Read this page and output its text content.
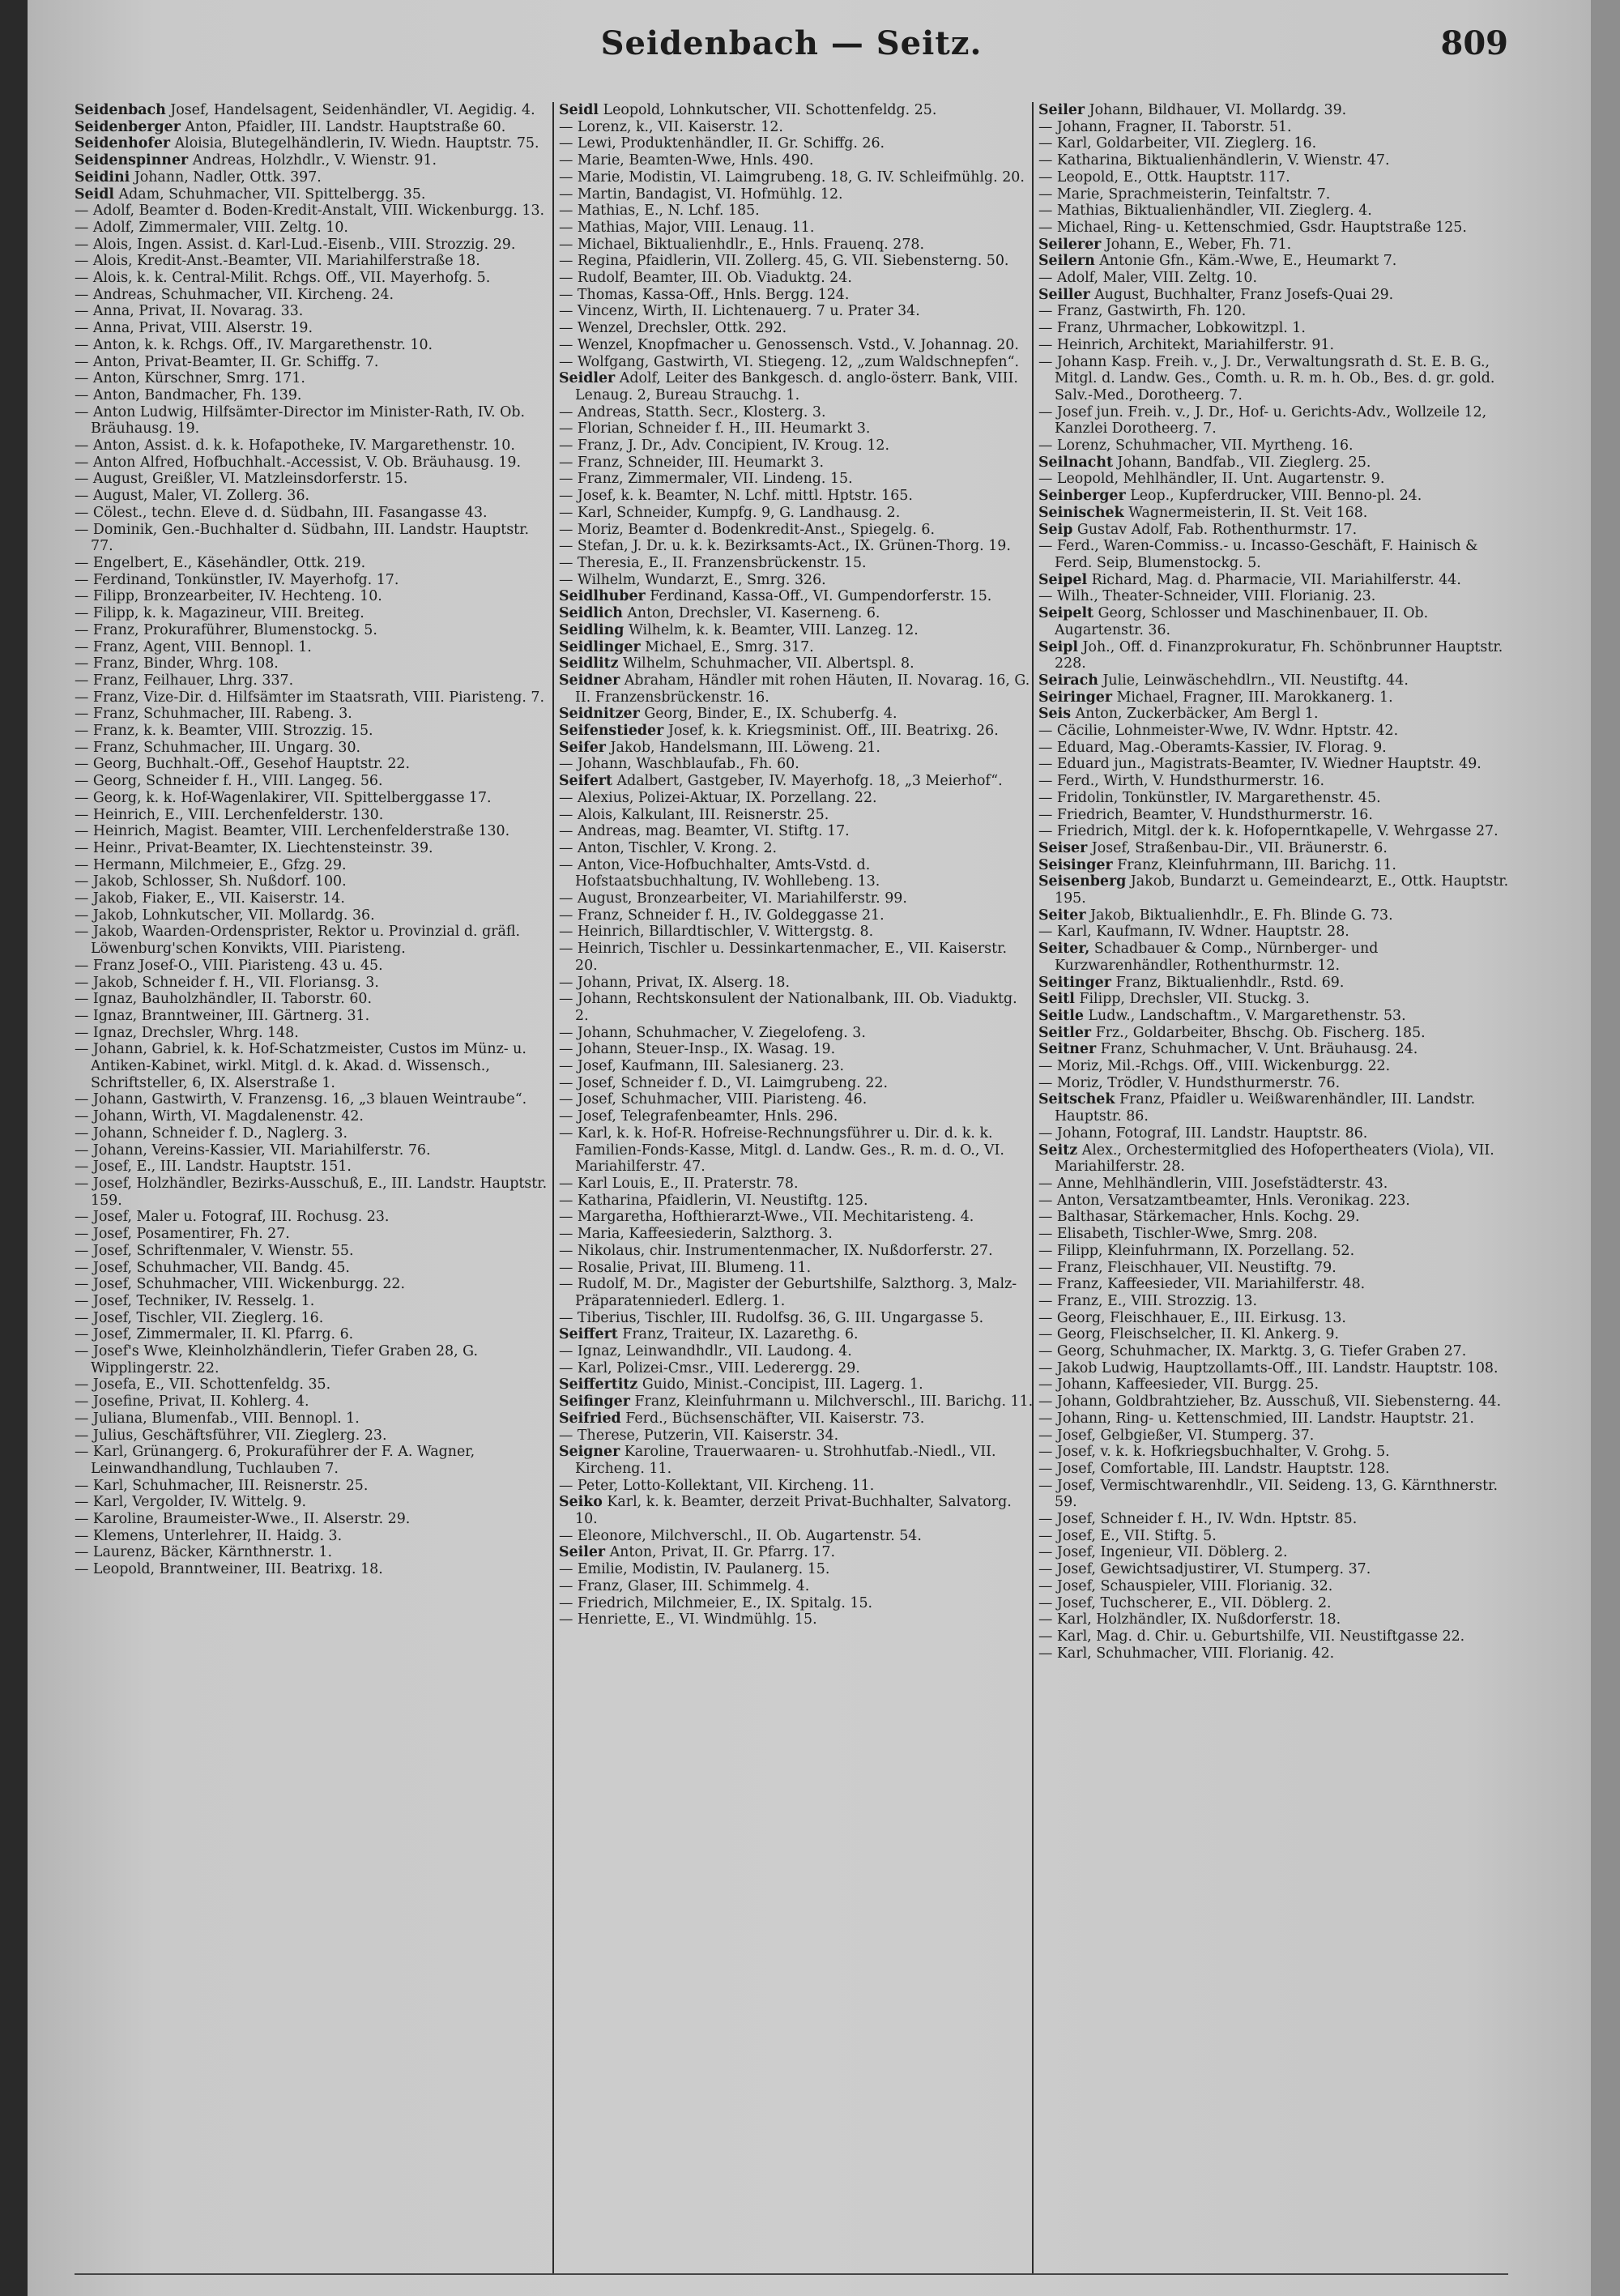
Seidenbach — Seitz.	809
Seidenbach Josef, Handelsagent, Seidenhändler, VI. Aegidig. 4.
Seidenberger Anton, Pfaidler, III. Landstr. Hauptstraße 60.
Seidenhofer Aloisia, Blutegelhändlerin, IV. Wiedn. Hauptstr. 75.
Seidenspinner Andreas, Holzhdlr., V. Wienstr. 91.
Seidini Johann, Nadler, Ottk. 397.
Seidl Adam, Schuhmacher, VII. Spittelbergg. 35.
— Adolf, Beamter d. Boden-Kredit-Anstalt, VIII. Wickenburgg. 13.
— Adolf, Zimmermaler, VIII. Zeltg. 10.
— Alois, Ingen. Assist. d. Karl-Lud.-Eisenb., VIII. Strozzig. 29.
— Alois, Kredit-Anst.-Beamter, VII. Mariahilferstraße 18.
— Alois, k. k. Central-Milit. Rchgs. Off., VII. Mayerhofg. 5.
— Andreas, Schuhmacher, VII. Kircheng. 24.
— Anna, Privat, II. Novarag. 33.
— Anna, Privat, VIII. Alserstr. 19.
— Anton, k. k. Rchgs. Off., IV. Margarethenstr. 10.
— Anton, Privat-Beamter, II. Gr. Schiffg. 7.
— Anton, Kürschner, Smrg. 171.
— Anton, Bandmacher, Fh. 139.
— Anton Ludwig, Hilfsämter-Director im Minister-Rath, IV. Ob. Bräuhausg. 19.
— Anton, Assist. d. k. k. Hofapotheke, IV. Margarethenstr. 10.
— Anton Alfred, Hofbuchhalt.-Accessist, V. Ob. Bräuhausg. 19.
— August, Greißler, VI. Matzleinsdorferstr. 15.
— August, Maler, VI. Zollerg. 36.
— Cölest., techn. Eleve d. d. Südbahn, III. Fasangasse 43.
— Dominik, Gen.-Buchhalter d. Südbahn, III. Landstr. Hauptstr. 77.
— Engelbert, E., Käsehändler, Ottk. 219.
— Ferdinand, Tonkünstler, IV. Mayerhofg. 17.
— Filipp, Bronzearbeiter, IV. Hechteng. 10.
— Filipp, k. k. Magazineur, VIII. Breiteg.
— Franz, Prokuraführer, Blumenstockg. 5.
— Franz, Agent, VIII. Bennopl. 1.
— Franz, Binder, Whrg. 108.
— Franz, Feilhauer, Lhrg. 337.
— Franz, Vize-Dir. d. Hilfsämter im Staatsrath, VIII. Piaristeng. 7.
— Franz, Schuhmacher, III. Rabeng. 3.
— Franz, k. k. Beamter, VIII. Strozzig. 15.
— Franz, Schuhmacher, III. Ungarg. 30.
— Georg, Buchhalt.-Off., Gesehof Hauptstr. 22.
— Georg, Schneider f. H., VIII. Langeg. 56.
— Georg, k. k. Hof-Wagenlakirer, VII. Spittelberggasse 17.
— Heinrich, E., VIII. Lerchenfelderstr. 130.
— Heinrich, Magist. Beamter, VIII. Lerchenfelderstraße 130.
— Heinr., Privat-Beamter, IX. Liechtensteinstr. 39.
— Hermann, Milchmeier, E., Gfzg. 29.
— Jakob, Schlosser, Sh. Nußdorf. 100.
— Jakob, Fiaker, E., VII. Kaiserstr. 14.
— Jakob, Lohnkutscher, VII. Mollardg. 36.
— Jakob, Waarden-Ordensprister, Rektor u. Provinzial d. gräfl. Löwenburg'schen Konvikts, VIII. Piaristeng.
— Franz Josef-O., VIII. Piaristeng. 43 u. 45.
— Jakob, Schneider f. H., VII. Floriansg. 3.
— Ignaz, Bauholzhändler, II. Taborstr. 60.
— Ignaz, Branntweiner, III. Gärtnerg. 31.
— Ignaz, Drechsler, Whrg. 148.
— Johann, Gabriel, k. k. Hof-Schatzmeister, Custos im Münz- u. Antiken-Kabinet, wirkl. Mitgl. d. k. Akad. d. Wissensch., Schriftsteller, 6, IX. Alserstraße 1.
— Johann, Gastwirth, V. Franzensg. 16, „3 blauen Weintraube“.
— Johann, Wirth, VI. Magdalenenstr. 42.
— Johann, Schneider f. D., Naglerg. 3.
— Johann, Vereins-Kassier, VII. Mariahilferstr. 76.
— Josef, E., III. Landstr. Hauptstr. 151.
— Josef, Holzhändler, Bezirks-Ausschuß, E., III. Landstr. Hauptstr. 159.
— Josef, Maler u. Fotograf, III. Rochusg. 23.
— Josef, Posamentirer, Fh. 27.
— Josef, Schriftenmaler, V. Wienstr. 55.
— Josef, Schuhmacher, VII. Bandg. 45.
— Josef, Schuhmacher, VIII. Wickenburgg. 22.
— Josef, Techniker, IV. Resselg. 1.
— Josef, Tischler, VII. Zieglerg. 16.
— Josef, Zimmermaler, II. Kl. Pfarrg. 6.
— Josef's Wwe, Kleinholzhändlerin, Tiefer Graben 28, G. Wipplingerstr. 22.
— Josefa, E., VII. Schottenfeldg. 35.
— Josefine, Privat, II. Kohlerg. 4.
— Juliana, Blumenfab., VIII. Bennopl. 1.
— Julius, Geschäftsführer, VII. Zieglerg. 23.
— Karl, Grünangerg. 6, Prokuraführer der F. A. Wagner, Leinwandhandlung, Tuchlauben 7.
— Karl, Schuhmacher, III. Reisnerstr. 25.
— Karl, Vergolder, IV. Wittelg. 9.
— Karoline, Braumeister-Wwe., II. Alserstr. 29.
— Klemens, Unterlehrer, II. Haidg. 3.
— Laurenz, Bäcker, Kärnthnerstr. 1.
— Leopold, Branntweiner, III. Beatrixg. 18.
Seidl Leopold, Lohnkutscher, VII. Schottenfeldg. 25.
— Lorenz, k., VII. Kaiserstr. 12.
— Lewi, Produktenhändler, II. Gr. Schiffg. 26.
— Marie, Beamten-Wwe, Hnls. 490.
— Marie, Modistin, VI. Laimgrubeng. 18, G. IV. Schleifmühlg. 20.
— Martin, Bandagist, VI. Hofmühlg. 12.
— Mathias, E., N. Lchf. 185.
— Mathias, Major, VIII. Lenaug. 11.
— Michael, Biktualienhdlr., E., Hnls. Frauenq. 278.
— Regina, Pfaidlerin, VII. Zollerg. 45, G. VII. Siebensterng. 50.
— Rudolf, Beamter, III. Ob. Viaduktg. 24.
— Thomas, Kassa-Off., Hnls. Bergg. 124.
— Vincenz, Wirth, II. Lichtenauerg. 7 u. Prater 34.
— Wenzel, Drechsler, Ottk. 292.
— Wenzel, Knopfmacher u. Genossensch. Vstd., V. Johannag. 20.
— Wolfgang, Gastwirth, VI. Stiegeng. 12, „zum Waldschnepfen“.
Seidler Adolf, Leiter des Bankgesch. d. anglo-österr. Bank, VIII. Lenaug. 2, Bureau Strauchg. 1.
— Andreas, Statth. Secr., Klosterg. 3.
— Florian, Schneider f. H., III. Heumarkt 3.
— Franz, J. Dr., Adv. Concipient, IV. Kroug. 12.
— Franz, Schneider, III. Heumarkt 3.
— Franz, Zimmermaler, VII. Lindeng. 15.
— Josef, k. k. Beamter, N. Lchf. mittl. Hptstr. 165.
— Karl, Schneider, Kumpfg. 9, G. Landhausg. 2.
— Moriz, Beamter d. Bodenkredit-Anst., Spiegelg. 6.
— Stefan, J. Dr. u. k. k. Bezirksamts-Act., IX. Grünen-Thorg. 19.
— Theresia, E., II. Franzensbrückenstr. 15.
— Wilhelm, Wundarzt, E., Smrg. 326.
Seidlhuber Ferdinand, Kassa-Off., VI. Gumpendorferstr. 15.
Seidlich Anton, Drechsler, VI. Kaserneng. 6.
Seidling Wilhelm, k. k. Beamter, VIII. Lanzeg. 12.
Seidlinger Michael, E., Smrg. 317.
Seidlitz Wilhelm, Schuhmacher, VII. Albertspl. 8.
Seidner Abraham, Händler mit rohen Häuten, II. Novarag. 16, G. II. Franzensbrückenstr. 16.
Seidnitzer Georg, Binder, E., IX. Schuberfg. 4.
Seifenstieder Josef, k. k. Kriegsminist. Off., III. Beatrixg. 26.
Seifer Jakob, Handelsmann, III. Löweng. 21.
— Johann, Waschblaufab., Fh. 60.
Seifert Adalbert, Gastgeber, IV. Mayerhofg. 18, „3 Meierhof“.
— Alexius, Polizei-Aktuar, IX. Porzellang. 22.
— Alois, Kalkulant, III. Reisnerstr. 25.
— Andreas, mag. Beamter, VI. Stiftg. 17.
— Anton, Tischler, V. Krong. 2.
— Anton, Vice-Hofbuchhalter, Amts-Vstd. d. Hofstaatsbuchhaltung, IV. Wohllebeng. 13.
— August, Bronzearbeiter, VI. Mariahilferstr. 99.
— Franz, Schneider f. H., IV. Goldeggasse 21.
— Heinrich, Billardtischler, V. Wittergstg. 8.
— Heinrich, Tischler u. Dessinkartenmacher, E., VII. Kaiserstr. 20.
— Johann, Privat, IX. Alserg. 18.
— Johann, Rechtskonsulent der Nationalbank, III. Ob. Viaduktg. 2.
— Johann, Schuhmacher, V. Ziegelofeng. 3.
— Johann, Steuer-Insp., IX. Wasag. 19.
— Josef, Kaufmann, III. Salesianerg. 23.
— Josef, Schneider f. D., VI. Laimgrubeng. 22.
— Josef, Schuhmacher, VIII. Piaristeng. 46.
— Josef, Telegrafenbeamter, Hnls. 296.
— Karl, k. k. Hof-R. Hofreise-Rechnungsführer u. Dir. d. k. k. Familien-Fonds-Kasse, Mitgl. d. Landw. Ges., R. m. d. O., VI. Mariahilferstr. 47.
— Karl Louis, E., II. Praterstr. 78.
— Katharina, Pfaidlerin, VI. Neustiftg. 125.
— Margaretha, Hofthierarzt-Wwe., VII. Mechitaristeng. 4.
— Maria, Kaffeesiederin, Salzthorg. 3.
— Nikolaus, chir. Instrumentenmacher, IX. Nußdorferstr. 27.
— Rosalie, Privat, III. Blumeng. 11.
— Rudolf, M. Dr., Magister der Geburtshilfe, Salzthorg. 3, Malz-Präparatenniederl. Edlerg. 1.
— Tiberius, Tischler, III. Rudolfsg. 36, G. III. Ungargasse 5.
Seiffert Franz, Traiteur, IX. Lazarethg. 6.
— Ignaz, Leinwandhdlr., VII. Laudong. 4.
— Karl, Polizei-Cmsr., VIII. Lederergg. 29.
Seiffertitz Guido, Minist.-Concipist, III. Lagerg. 1.
Seifinger Franz, Kleinfuhrmann u. Milchverschl., III. Barichg. 11.
Seifried Ferd., Büchsenschäfter, VII. Kaiserstr. 73.
— Therese, Putzerin, VII. Kaiserstr. 34.
Seigner Karoline, Trauerwaaren- u. Strohhutfab.-Niedl., VII. Kircheng. 11.
— Peter, Lotto-Kollektant, VII. Kircheng. 11.
Seiko Karl, k. k. Beamter, derzeit Privat-Buchhalter, Salvatorg. 10.
— Eleonore, Milchverschl., II. Ob. Augartenstr. 54.
Seiler Anton, Privat, II. Gr. Pfarrg. 17.
— Emilie, Modistin, IV. Paulanerg. 15.
— Franz, Glaser, III. Schimmelg. 4.
— Friedrich, Milchmeier, E., IX. Spitalg. 15.
— Henriette, E., VI. Windmühlg. 15.
Seiler Johann, Bildhauer, VI. Mollardg. 39.
— Johann, Fragner, II. Taborstr. 51.
— Karl, Goldarbeiter, VII. Zieglerg. 16.
— Katharina, Biktualienhändlerin, V. Wienstr. 47.
— Leopold, E., Ottk. Hauptstr. 117.
— Marie, Sprachmeisterin, Teinfaltstr. 7.
— Mathias, Biktualienhändler, VII. Zieglerg. 4.
— Michael, Ring- u. Kettenschmied, Gsdr. Hauptstraße 125.
Seilerer Johann, E., Weber, Fh. 71.
Seilern Antonie Gfn., Käm.-Wwe, E., Heumarkt 7.
— Adolf, Maler, VIII. Zeltg. 10.
Seiller August, Buchhalter, Franz Josefs-Quai 29.
— Franz, Gastwirth, Fh. 120.
— Franz, Uhrmacher, Lobkowitzpl. 1.
— Heinrich, Architekt, Mariahilferstr. 91.
— Johann Kasp. Freih. v., J. Dr., Verwaltungsrath d. St. E. B. G., Mitgl. d. Landw. Ges., Comth. u. R. m. h. Ob., Bes. d. gr. gold. Salv.-Med., Dorotheerg. 7.
— Josef jun. Freih. v., J. Dr., Hof- u. Gerichts-Adv., Wollzeile 12, Kanzlei Dorotheerg. 7.
— Lorenz, Schuhmacher, VII. Myrtheng. 16.
Seilnacht Johann, Bandfab., VII. Zieglerg. 25.
— Leopold, Mehlhändler, II. Unt. Augartenstr. 9.
Seinberger Leop., Kupferdrucker, VIII. Benno-pl. 24.
Seinischek Wagnermeisterin, II. St. Veit 168.
Seip Gustav Adolf, Fab. Rothenthurmstr. 17.
— Ferd., Waren-Commiss.- u. Incasso-Geschäft, F. Hainisch & Ferd. Seip, Blumenstockg. 5.
Seipel Richard, Mag. d. Pharmacie, VII. Mariahilferstr. 44.
— Wilh., Theater-Schneider, VIII. Florianig. 23.
Seipelt Georg, Schlosser und Maschinenbauer, II. Ob. Augartenstr. 36.
Seipl Joh., Off. d. Finanzprokuratur, Fh. Schönbrunner Hauptstr. 228.
Seirach Julie, Leinwäschehdlrn., VII. Neustiftg. 44.
Seiringer Michael, Fragner, III. Marokkanerg. 1.
Seis Anton, Zuckerbäcker, Am Bergl 1.
— Cäcilie, Lohnmeister-Wwe, IV. Wdnr. Hptstr. 42.
— Eduard, Mag.-Oberamts-Kassier, IV. Florag. 9.
— Eduard jun., Magistrats-Beamter, IV. Wiedner Hauptstr. 49.
— Ferd., Wirth, V. Hundsthurmerstr. 16.
— Fridolin, Tonkünstler, IV. Margarethenstr. 45.
— Friedrich, Beamter, V. Hundsthurmerstr. 16.
— Friedrich, Mitgl. der k. k. Hofoperntkapelle, V. Wehrgasse 27.
Seiser Josef, Straßenbau-Dir., VII. Bräunerstr. 6.
Seisinger Franz, Kleinfuhrmann, III. Barichg. 11.
Seisenberg Jakob, Bundarzt u. Gemeindearzt, E., Ottk. Hauptstr. 195.
Seiter Jakob, Biktualienhdlr., E. Fh. Blinde G. 73.
— Karl, Kaufmann, IV. Wdner. Hauptstr. 28.
Seiter, Schadbauer & Comp., Nürnberger- und Kurzwarenhändler, Rothenthurmstr. 12.
Seitinger Franz, Biktualienhdlr., Rstd. 69.
Seitl Filipp, Drechsler, VII. Stuckg. 3.
Seitle Ludw., Landschaftm., V. Margarethenstr. 53.
Seitler Frz., Goldarbeiter, Bhschg. Ob. Fischerg. 185.
Seitner Franz, Schuhmacher, V. Unt. Bräuhausg. 24.
— Moriz, Mil.-Rchgs. Off., VIII. Wickenburgg. 22.
— Moriz, Trödler, V. Hundsthurmerstr. 76.
Seitschek Franz, Pfaidler u. Weißwarenhändler, III. Landstr. Hauptstr. 86.
— Johann, Fotograf, III. Landstr. Hauptstr. 86.
Seitz Alex., Orchestermitglied des Hofopertheaters (Viola), VII. Mariahilferstr. 28.
— Anne, Mehlhändlerin, VIII. Josefstädterstr. 43.
— Anton, Versatzamtbeamter, Hnls. Veronikag. 223.
— Balthasar, Stärkemacher, Hnls. Kochg. 29.
— Elisabeth, Tischler-Wwe, Smrg. 208.
— Filipp, Kleinfuhrmann, IX. Porzellang. 52.
— Franz, Fleischhauer, VII. Neustiftg. 79.
— Franz, Kaffeesieder, VII. Mariahilferstr. 48.
— Franz, E., VIII. Strozzig. 13.
— Georg, Fleischhauer, E., III. Eirkusg. 13.
— Georg, Fleischselcher, II. Kl. Ankerg. 9.
— Georg, Schuhmacher, IX. Marktg. 3, G. Tiefer Graben 27.
— Jakob Ludwig, Hauptzollamts-Off., III. Landstr. Hauptstr. 108.
— Johann, Kaffeesieder, VII. Burgg. 25.
— Johann, Goldbrahtzieher, Bz. Ausschuß, VII. Siebensterng. 44.
— Johann, Ring- u. Kettenschmied, III. Landstr. Hauptstr. 21.
— Josef, Gelbgießer, VI. Stumperg. 37.
— Josef, v. k. k. Hofkriegsbuchhalter, V. Grohg. 5.
— Josef, Comfortable, III. Landstr. Hauptstr. 128.
— Josef, Vermischtwarenhdlr., VII. Seideng. 13, G. Kärnthnerstr. 59.
— Josef, Schneider f. H., IV. Wdn. Hptstr. 85.
— Josef, E., VII. Stiftg. 5.
— Josef, Ingenieur, VII. Döblerg. 2.
— Josef, Gewichtsadjustirer, VI. Stumperg. 37.
— Josef, Schauspieler, VIII. Florianig. 32.
— Josef, Tuchscherer, E., VII. Döblerg. 2.
— Karl, Holzhändler, IX. Nußdorferstr. 18.
— Karl, Mag. d. Chir. u. Geburtshilfe, VII. Neustiftgasse 22.
— Karl, Schuhmacher, VIII. Florianig. 42.
